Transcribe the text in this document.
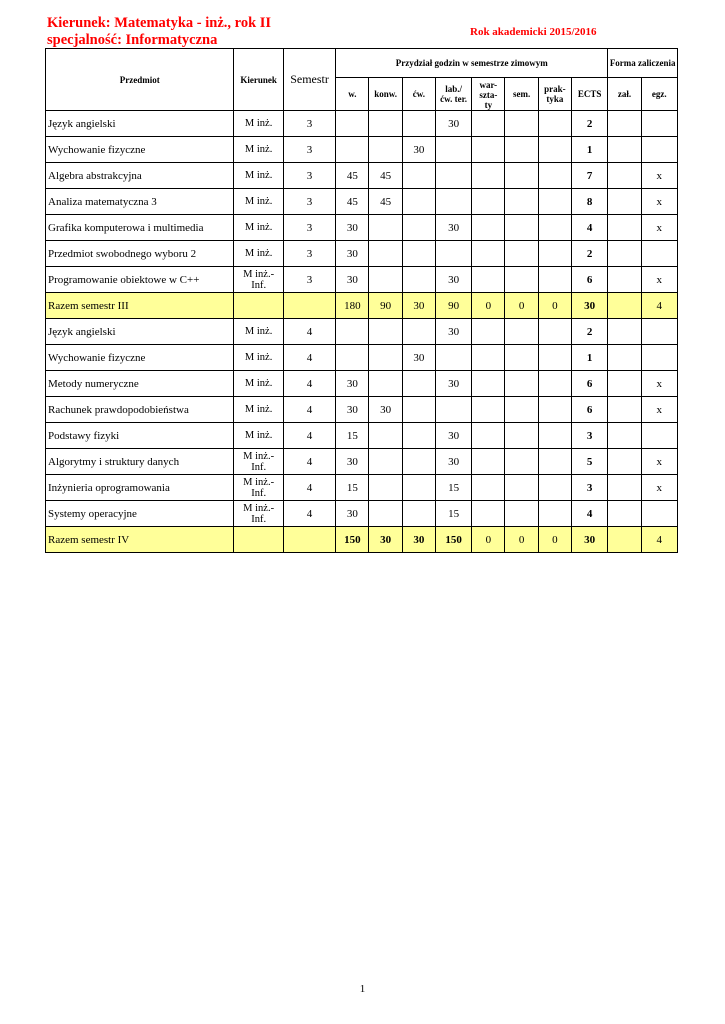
Kierunek: Matematyka - inż., rok II
specjalność: Informatyczna	Rok akademicki 2015/2016
Przedmiot	Kierunek	Semestr	Przydział godzin w semestrze zimowym								Forma zaliczenia	
			w.	konw.	ćw.	lab./
ćw. ter.	war-
szta-
ty	sem.	prak-
tyka	ECTS	zał.	egz.
Język angielski	M inż.	3				30				2		
Wychowanie fizyczne	M inż.	3			30					1		
Algebra abstrakcyjna	M inż.	3	45	45						7		x
Analiza matematyczna 3	M inż.	3	45	45						8		x
Grafika komputerowa i multimedia	M inż.	3	30			30				4		x
Przedmiot swobodnego wyboru 2	M inż.	3	30							2		
Programowanie obiektowe w C++	M inż.-
Inf.	3	30			30				6		x
Razem semestr III			180	90	30	90	0	0	0	30		4
Język angielski	M inż.	4				30				2		
Wychowanie fizyczne	M inż.	4			30					1		
Metody numeryczne	M inż.	4	30			30				6		x
Rachunek prawdopodobieństwa	M inż.	4	30	30						6		x
Podstawy fizyki	M inż.	4	15			30				3		
Algorytmy i struktury danych	M inż.-
Inf.	4	30			30				5		x
Inżynieria oprogramowania	M inż.-
Inf.	4	15			15				3		x
Systemy operacyjne	M inż.-
Inf.	4	30			15				4		
Razem semestr IV			150	30	30	150	0	0	0	30		4
1
